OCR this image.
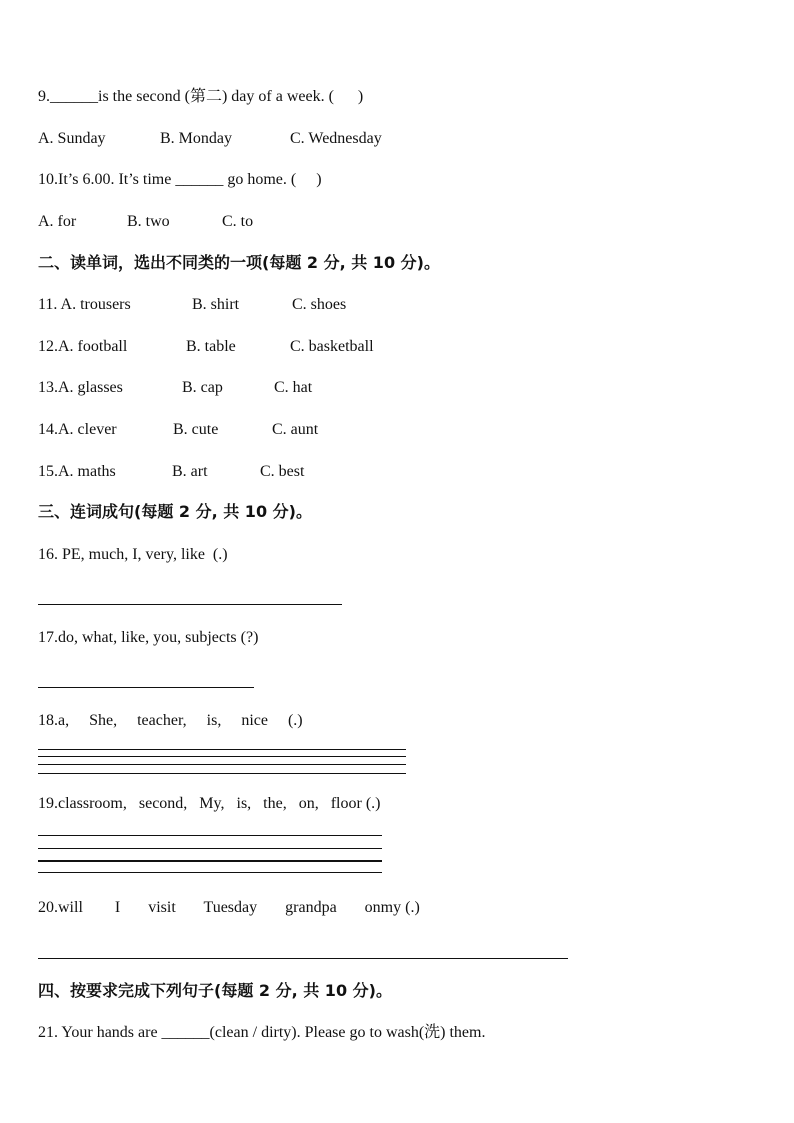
9.______is the second (第二) day of a week. (      )
A. Sunday	B. Monday	C. Wednesday
10.It’s 6.00. It’s time ______ go home. (     )
A. for	B. two	C. to
二、读单词，选出不同类的一项(每题 2 分, 共 10 分)。
11. A. trousers	B. shirt	C. shoes
12.A. football	B. table	C. basketball
13.A. glasses	B. cap	C. hat
14.A. clever	B. cute	C. aunt
15.A. maths	B. art	C. best
三、连词成句(每题 2 分, 共 10 分)。
16. PE, much, I, very, like  (.)
17.do, what, like, you, subjects (?)
18.a,     She,     teacher,     is,     nice     (.)
19.classroom,   second,   My,   is,   the,   on,   floor (.)
20.will        I       visit       Tuesday       grandpa       onmy (.)
四、按要求完成下列句子(每题 2 分, 共 10 分)。
21. Your hands are ______(clean / dirty). Please go to wash(洗) them.
